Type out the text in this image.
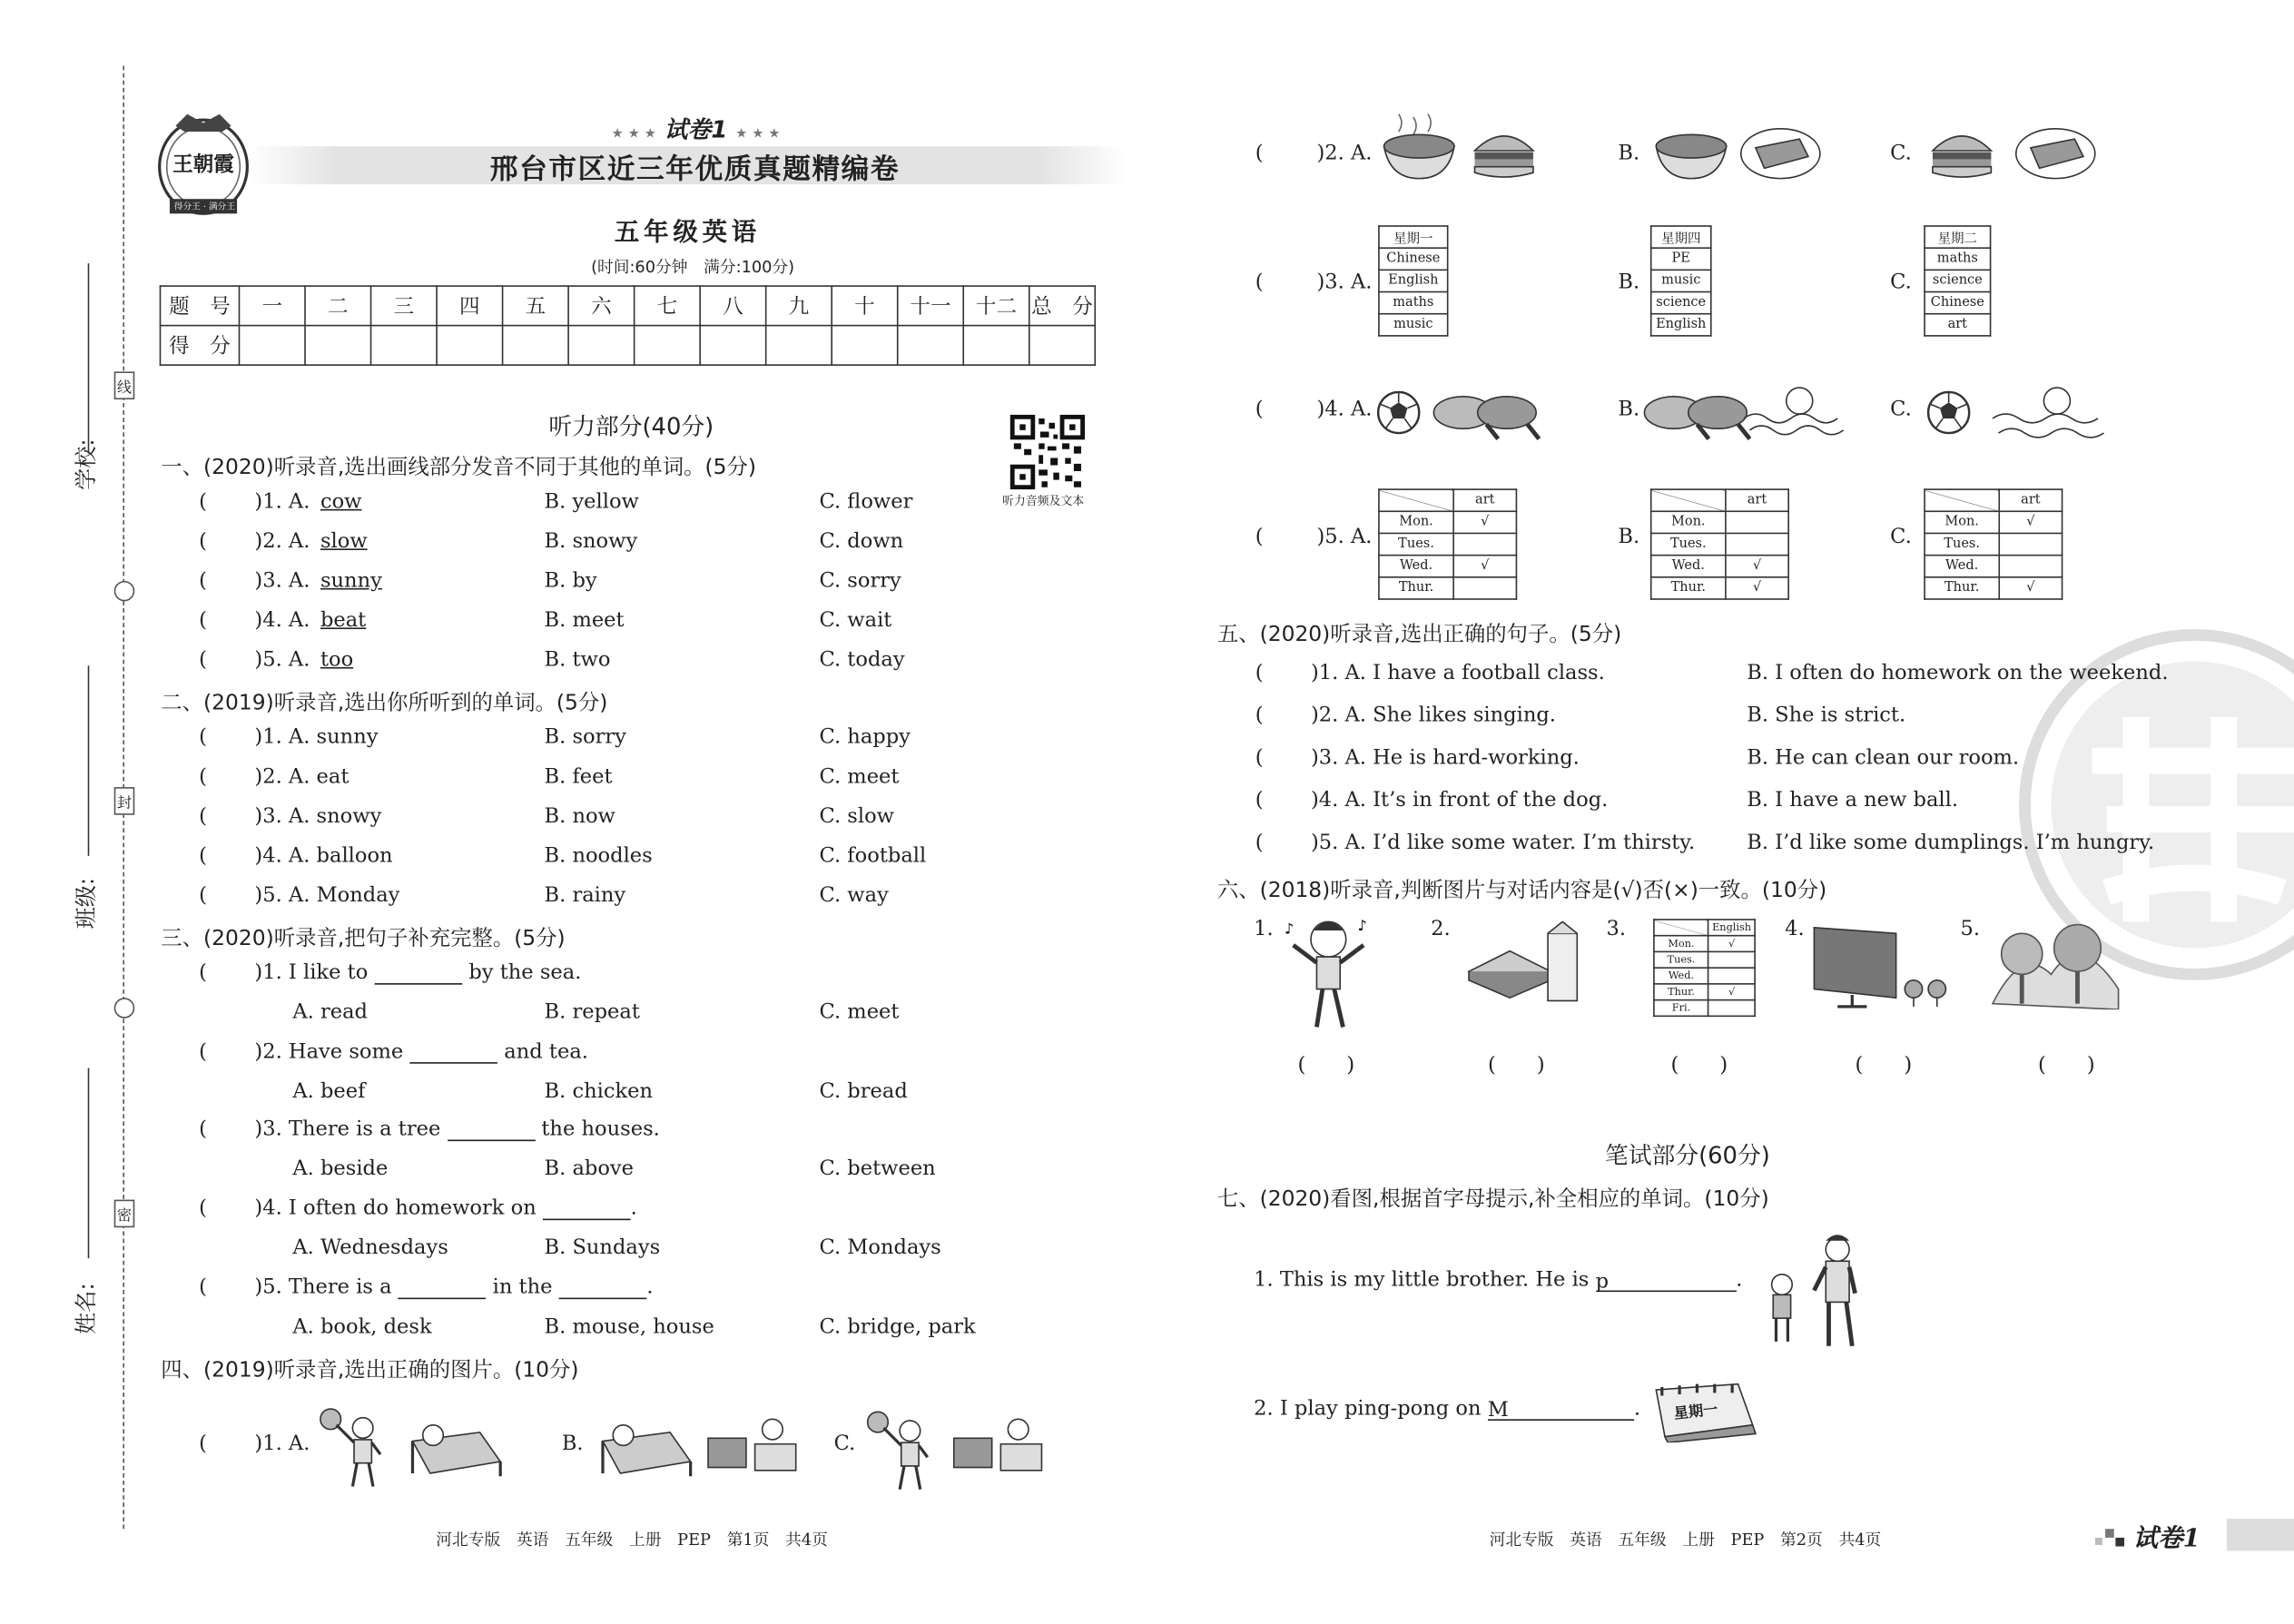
学校:
班级:
姓名:
线
封
密
王朝霞
得分王 · 满分王
★ ★ ★ 试卷1 ★ ★ ★
邢台市区近三年优质真题精编卷
五年级英语
(时间:60分钟　满分:100分)
题　号	一	二	三	四	五	六	七	八	九	十	十一	十二	总　分
得　分													
听力部分(40分)
听力音频及文本
一、(2020)听录音,选出画线部分发音不同于其他的单词。(5分)
(	)1. A. cow	B. yellow	C. flower
(	)2. A. slow	B. snowy	C. down
(	)3. A. sunny	B. by	C. sorry
(	)4. A. beat	B. meet	C. wait
(	)5. A. too	B. two	C. today
二、(2019)听录音,选出你所听到的单词。(5分)
(	)1. A. sunny	B. sorry	C. happy
(	)2. A. eat	B. feet	C. meet
(	)3. A. snowy	B. now	C. slow
(	)4. A. balloon	B. noodles	C. football
(	)5. A. Monday	B. rainy	C. way
三、(2020)听录音,把句子补充完整。(5分)
(	)1. I like to	by the sea.
A. read	B. repeat	C. meet
(	)2. Have some	and tea.
A. beef	B. chicken	C. bread
(	)3. There is a tree	the houses.
A. beside	B. above	C. between
(	)4. I often do homework on	.
A. Wednesdays	B. Sundays	C. Mondays
(	)5. There is a	in the	.
A. book, desk	B. mouse, house	C. bridge, park
四、(2019)听录音,选出正确的图片。(10分)
(	)1. A.	B.	C.
河北专版　英语　五年级　上册　PEP　第1页　共4页
(	)2. A.	B.	C.
(	)3. A.
星期一
Chinese
English
maths
music
B.
星期四
PE
music
science
English
C.
星期二
maths
science
Chinese
art
(	)4. A.	B.	C.
(	)5. A.
	art
Mon.	√
Tues.	
Wed.	√
Thur.	
B.
	art
Mon.	
Tues.	
Wed.	√
Thur.	√
C.
	art
Mon.	√
Tues.	
Wed.	
Thur.	√
五、(2020)听录音,选出正确的句子。(5分)
(	)1. A. I have a football class.	B. I often do homework on the weekend.
(	)2. A. She likes singing.	B. She is strict.
(	)3. A. He is hard-working.	B. He can clean our room.
(	)4. A. It’s in front of the dog.	B. I have a new ball.
(	)5. A. I’d like some water. I’m thirsty.	B. I’d like some dumplings. I’m hungry.
六、(2018)听录音,判断图片与对话内容是(√)否(×)一致。(10分)
1. ♪	♪
(　　)
2.
(　　)
3.
		English
Mon.	√
Tues.	
Wed.	
Thur.	√
Fri.	
(　　)
4.
(　　)
5.
(　　)
笔试部分(60分)
七、(2020)看图,根据首字母提示,补全相应的单词。(10分)
1. This is my little brother. He is p	.
2. I play ping-pong on M	.	星期一
河北专版　英语　五年级　上册　PEP　第2页　共4页	试卷1
